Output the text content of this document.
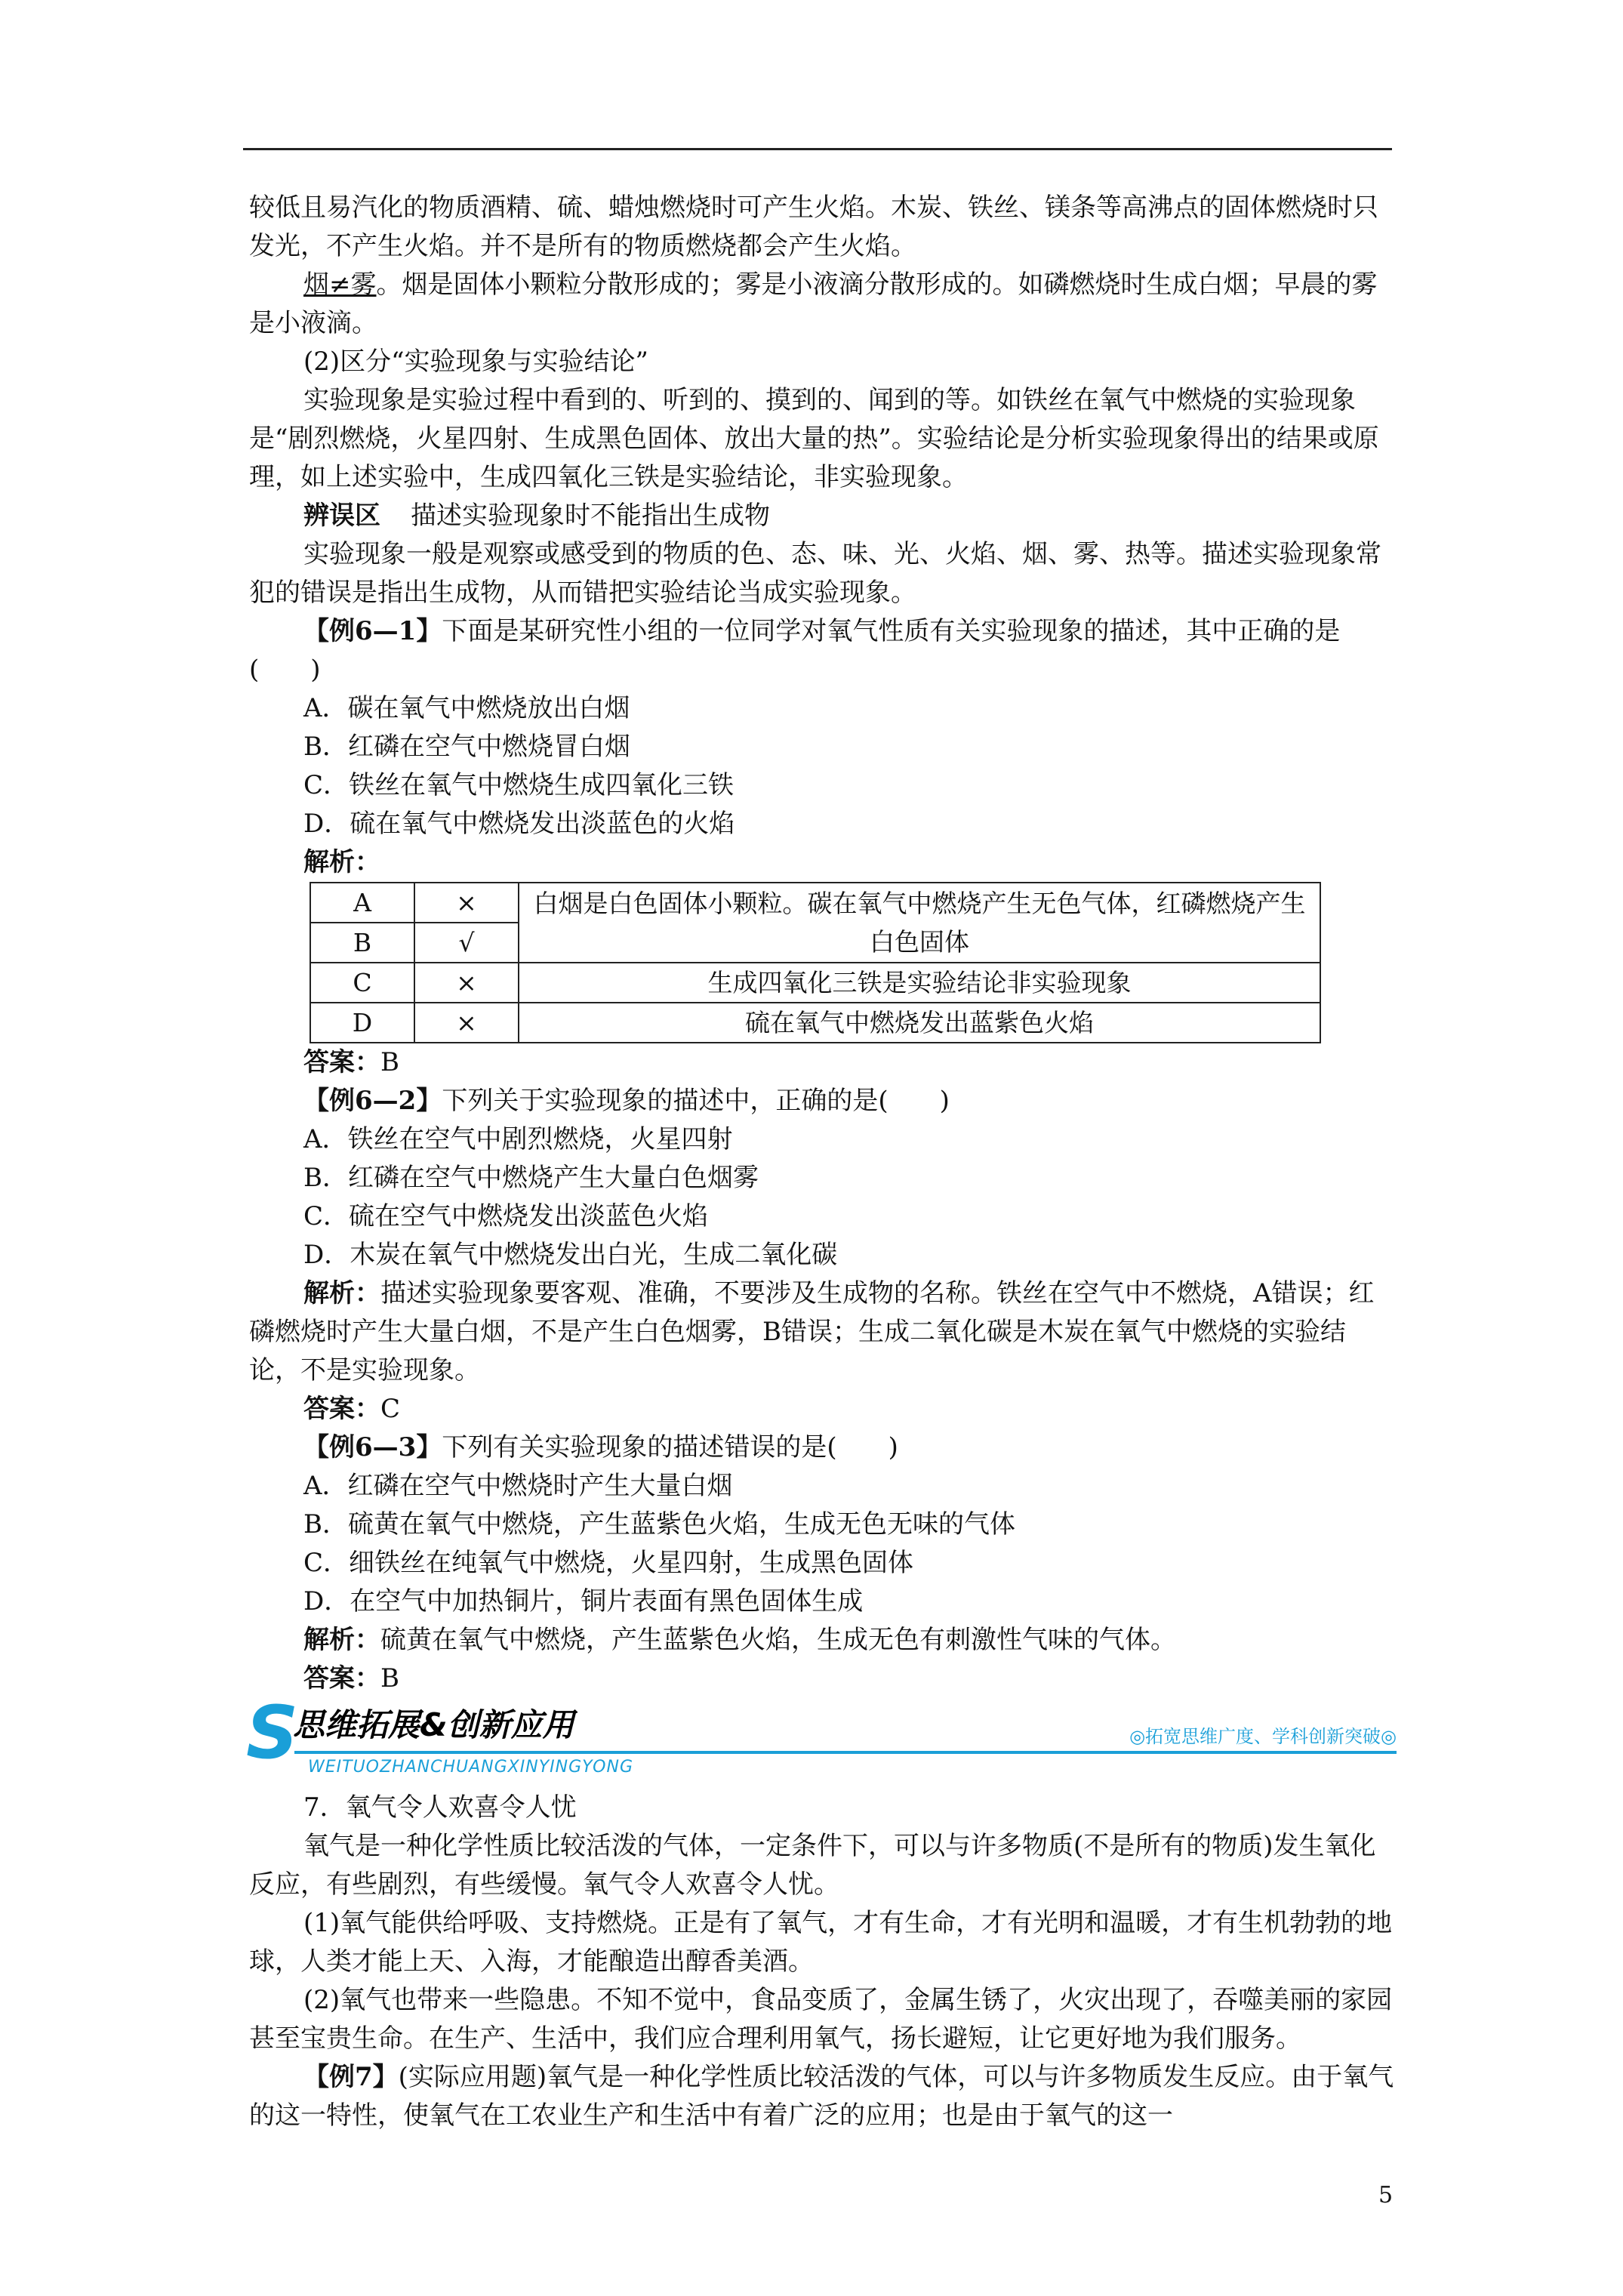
较低且易汽化的物质酒精、硫、蜡烛燃烧时可产生火焰。木炭、铁丝、镁条等高沸点的固体燃烧时只发光，不产生火焰。并不是所有的物质燃烧都会产生火焰。

烟≠雾。烟是固体小颗粒分散形成的；雾是小液滴分散形成的。如磷燃烧时生成白烟；早晨的雾是小液滴。

(2)区分“实验现象与实验结论”

实验现象是实验过程中看到的、听到的、摸到的、闻到的等。如铁丝在氧气中燃烧的实验现象是“剧烈燃烧，火星四射、生成黑色固体、放出大量的热”。实验结论是分析实验现象得出的结果或原理，如上述实验中，生成四氧化三铁是实验结论，非实验现象。

辨误区 描述实验现象时不能指出生成物

实验现象一般是观察或感受到的物质的色、态、味、光、火焰、烟、雾、热等。描述实验现象常犯的错误是指出生成物，从而错把实验结论当成实验现象。

【例6—1】下面是某研究性小组的一位同学对氧气性质有关实验现象的描述，其中正确的是(　　)

A．碳在氧气中燃烧放出白烟

B．红磷在空气中燃烧冒白烟

C．铁丝在氧气中燃烧生成四氧化三铁

D．硫在氧气中燃烧发出淡蓝色的火焰

解析：

A	×	白烟是白色固体小颗粒。碳在氧气中燃烧产生无色气体，红磷燃烧产生白色固体
B	√	
C	×	生成四氧化三铁是实验结论非实验现象
D	×	硫在氧气中燃烧发出蓝紫色火焰

答案：B

【例6—2】下列关于实验现象的描述中，正确的是(　　)

A．铁丝在空气中剧烈燃烧，火星四射

B．红磷在空气中燃烧产生大量白色烟雾

C．硫在空气中燃烧发出淡蓝色火焰

D．木炭在氧气中燃烧发出白光，生成二氧化碳

解析：描述实验现象要客观、准确，不要涉及生成物的名称。铁丝在空气中不燃烧，A错误；红磷燃烧时产生大量白烟，不是产生白色烟雾，B错误；生成二氧化碳是木炭在氧气中燃烧的实验结论，不是实验现象。

答案：C

【例6—3】下列有关实验现象的描述错误的是(　　)

A．红磷在空气中燃烧时产生大量白烟

B．硫黄在氧气中燃烧，产生蓝紫色火焰，生成无色无味的气体

C．细铁丝在纯氧气中燃烧，火星四射，生成黑色固体

D．在空气中加热铜片，铜片表面有黑色固体生成

解析：硫黄在氧气中燃烧，产生蓝紫色火焰，生成无色有刺激性气味的气体。

答案：B

S
思维拓展&创新应用
WEITUOZHANCHUANGXINYINGYONG
◎拓宽思维广度、学科创新突破◎

7．氧气令人欢喜令人忧

氧气是一种化学性质比较活泼的气体，一定条件下，可以与许多物质(不是所有的物质)发生氧化反应，有些剧烈，有些缓慢。氧气令人欢喜令人忧。

(1)氧气能供给呼吸、支持燃烧。正是有了氧气，才有生命，才有光明和温暖，才有生机勃勃的地球，人类才能上天、入海，才能酿造出醇香美酒。

(2)氧气也带来一些隐患。不知不觉中，食品变质了，金属生锈了，火灾出现了，吞噬美丽的家园甚至宝贵生命。在生产、生活中，我们应合理利用氧气，扬长避短，让它更好地为我们服务。

【例7】(实际应用题)氧气是一种化学性质比较活泼的气体，可以与许多物质发生反应。由于氧气的这一特性，使氧气在工农业生产和生活中有着广泛的应用；也是由于氧气的这一

5
